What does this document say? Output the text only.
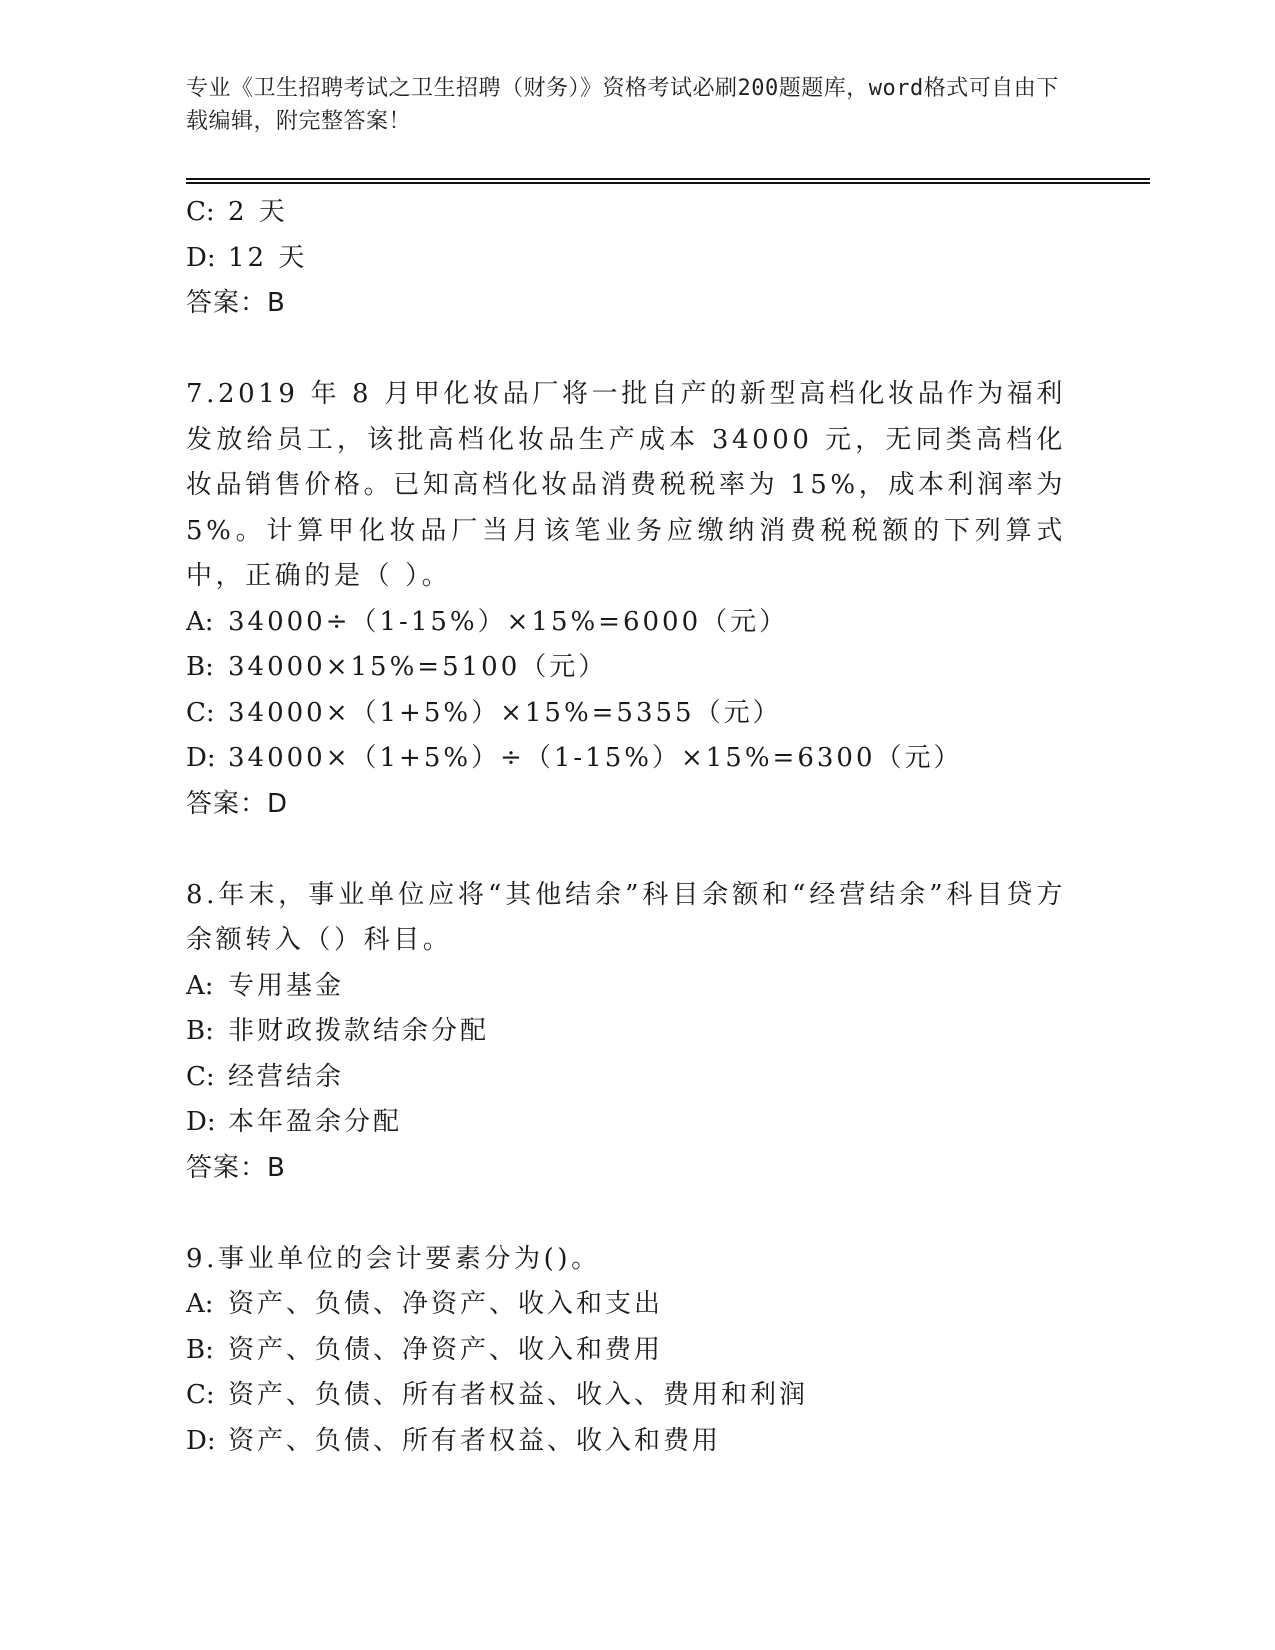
专业《卫生招聘考试之卫生招聘（财务）》资格考试必刷200题题库，word格式可自由下载编辑，附完整答案！
C: 2 天
D: 12 天
答案：B
7.2019 年 8 月甲化妆品厂将一批自产的新型高档化妆品作为福利发放给员工，该批高档化妆品生产成本 34000 元，无同类高档化妆品销售价格。已知高档化妆品消费税税率为 15%，成本利润率为 5%。计算甲化妆品厂当月该笔业务应缴纳消费税税额的下列算式中，正确的是（ ）。
A: 34000÷（1-15%）×15%=6000（元）
B: 34000×15%=5100（元）
C: 34000×（1+5%）×15%=5355（元）
D: 34000×（1+5%）÷（1-15%）×15%=6300（元）
答案：D
8.年末，事业单位应将“其他结余”科目余额和“经营结余”科目贷方余额转入（）科目。
A: 专用基金
B: 非财政拨款结余分配
C: 经营结余
D: 本年盈余分配
答案：B
9.事业单位的会计要素分为()。
A: 资产、负债、净资产、收入和支出
B: 资产、负债、净资产、收入和费用
C: 资产、负债、所有者权益、收入、费用和利润
D: 资产、负债、所有者权益、收入和费用
